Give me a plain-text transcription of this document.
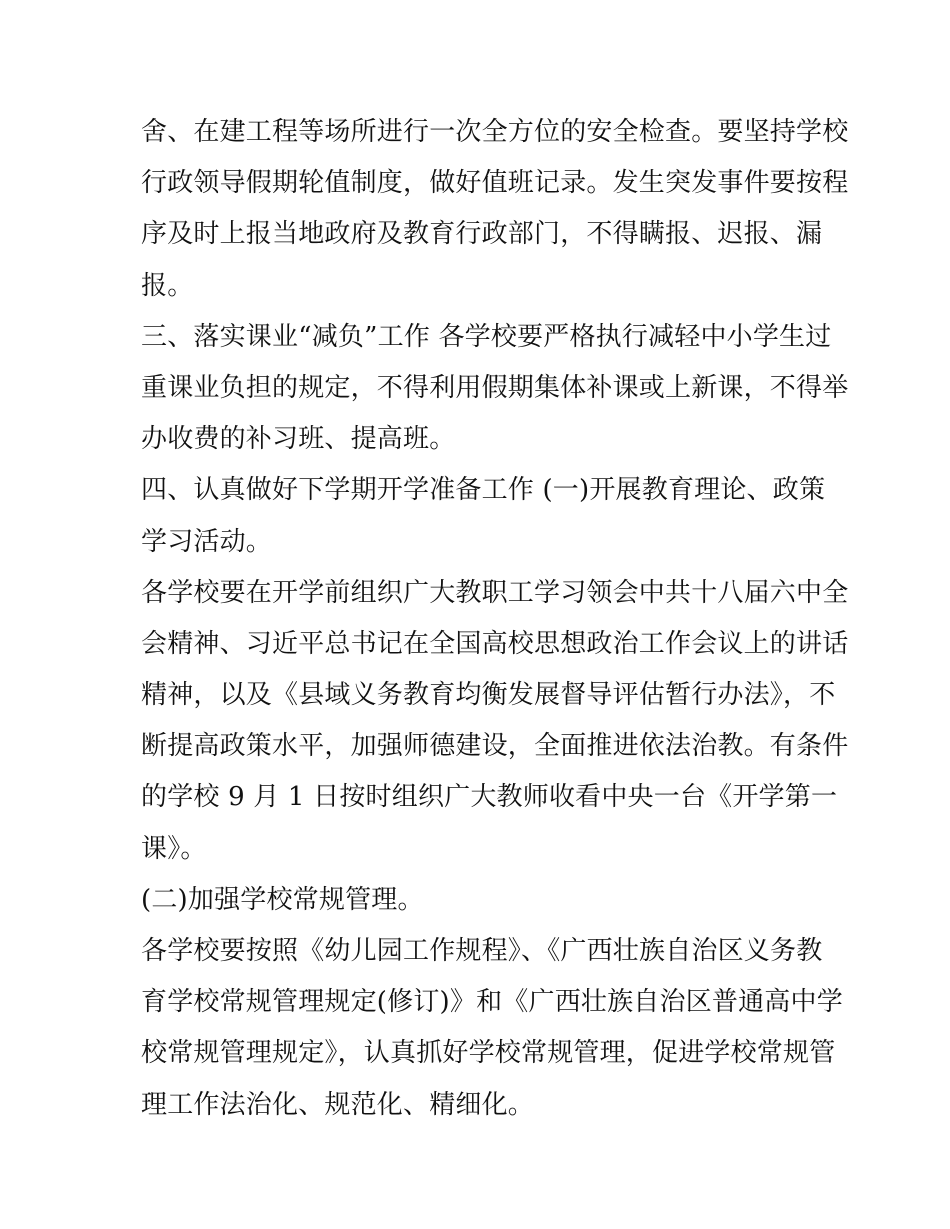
舍、在建工程等场所进行一次全方位的安全检查。要坚持学校
行政领导假期轮值制度，做好值班记录。发生突发事件要按程
序及时上报当地政府及教育行政部门，不得瞒报、迟报、漏
报。
三、落实课业“减负”工作 各学校要严格执行减轻中小学生过
重课业负担的规定，不得利用假期集体补课或上新课，不得举
办收费的补习班、提高班。
四、认真做好下学期开学准备工作 (一)开展教育理论、政策
学习活动。
各学校要在开学前组织广大教职工学习领会中共十八届六中全
会精神、习近平总书记在全国高校思想政治工作会议上的讲话
精神，以及《县域义务教育均衡发展督导评估暂行办法》，不
断提高政策水平，加强师德建设，全面推进依法治教。有条件
的学校 9 月 1 日按时组织广大教师收看中央一台《开学第一
课》。
(二)加强学校常规管理。
各学校要按照《幼儿园工作规程》、《广西壮族自治区义务教
育学校常规管理规定(修订)》和《广西壮族自治区普通高中学
校常规管理规定》，认真抓好学校常规管理，促进学校常规管
理工作法治化、规范化、精细化。
